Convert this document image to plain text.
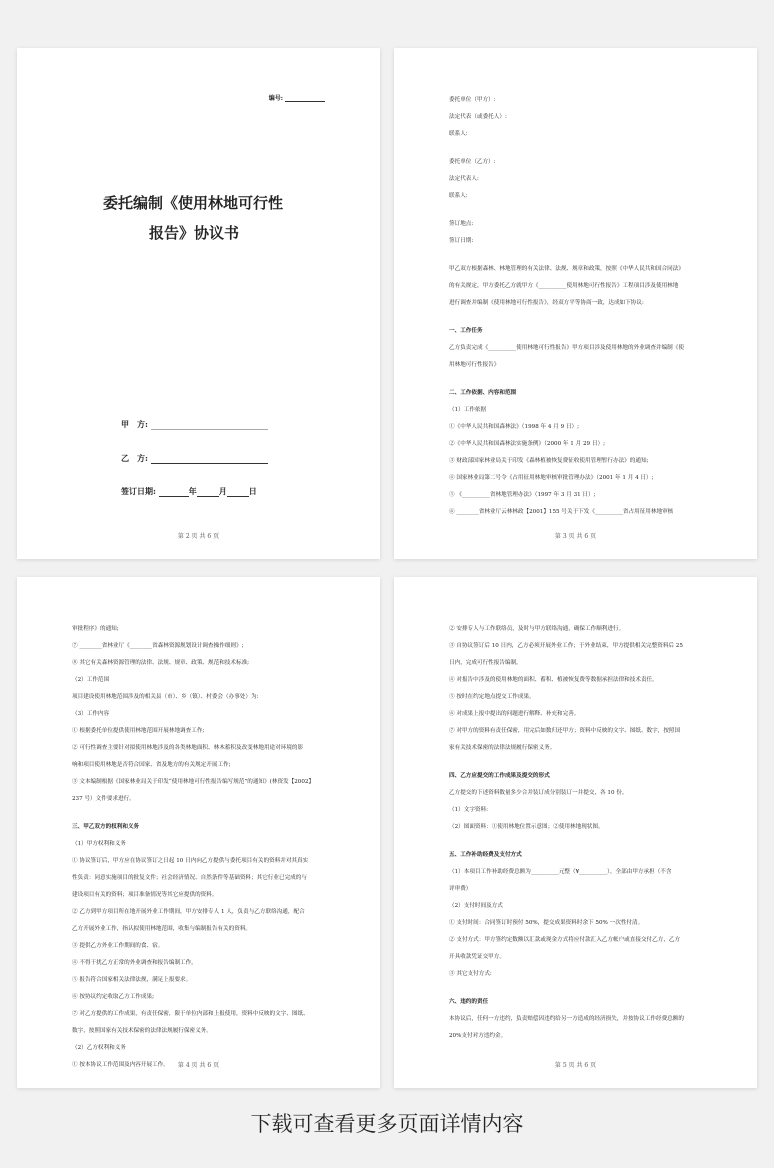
编号:
委托编制《使用林地可行性
报告》协议书
甲　方:
乙　方:
签订日期:	年	月	日
第 2 页 共 6 页
委托单位（甲方）:
法定代表（或委托人）:
联系人:
委托单位（乙方）:
法定代表人:
联系人:
签订地点:
签订日期:
甲乙双方根据森林、林地管理的有关法律、法规、规章和政策，按照《中华人民共和国合同法》
的有关规定，甲方委托乙方就甲方《__________使用林地可行性报告》工程项目涉及使用林地
进行调查并编制《使用林地可行性报告》，经双方平等协商一致，达成如下协议:
一、工作任务
乙方负责完成《__________使用林地可行性报告》甲方项目涉及使用林地的外业调查并编制《使
用林地可行性报告》
二、工作依据、内容和范围
（1）工作依据
①《中华人民共和国森林法》（1998 年 4 月 9 日）;
②《中华人民共和国森林法实施条例》（2000 年 1 月 29 日）;
③ 财政部国家林业局关于印发《森林植被恢复费征收使用管理暂行办法》的通知;
④ 国家林业局第二号令《占用征用林地审核审批管理办法》（2001 年 1 月 4 日）;
⑤ 《__________省林地管理办法》（1997 年 3 月 31 日）;
⑥ ________省林业厅云林林政【2001】155 号关于下发《__________省占用征用林地审核
第 3 页 共 6 页
审批程序》的通知;
⑦ ________省林业厅《________省森林资源规划设计调查操作细则》;
⑧ 其它有关森林资源管理的法律、法规、规章、政策、规范和技术标准;
（2）工作范围
项目建设使用林地范围涉及的相关县（市）、乡（镇）、村委会（办事处）为:
（3）工作内容
① 根据委托单位提供使用林地范围开展林地调查工作;
② 可行性调查主要针对拟使用林地涉及的各类林地面积、林木蓄积及改变林地用途对环境的影
响和项目使用林地是否符合国家、省及地方的有关规定开展工作;
③ 文本编制根据《国家林业局关于印发“使用林地可行性报告编写规范”的通知》(林资发【2002】
237 号）文件要求进行。
三、甲乙双方的权利和义务
（1）甲方权利和义务
① 协议签订后，甲方应在协议签订之日起 10 日内向乙方提供与委托项目有关的资料并对其真实
性负责：同意实施项目的批复文件；社会经济情况、自然条件等基础资料；其它行业已完成的与
建设项目有关的资料；项目准备情况等其它应提供的资料。
② 乙方到甲方项目所在地开展外业工作期间，甲方安排专人 1 人，负责与乙方联络沟通，配合
乙方开展外业工作，指认拟使用林地范围，收集与编制报告有关的资料。
③ 提供乙方外业工作期间的食、宿。
④ 不得干扰乙方正常的外业调查和报告编制工作。
⑤ 报告符合国家相关法律法规，满足上报要求。
⑥ 按协议约定收取乙方工作成果;
⑦ 对乙方提供的工作成果，有责任保密，限于单位内部和上报使用，资料中反映的文字、图纸、
数字，按照国家有关技术保密的法律法规履行保密义务。
（2）乙方权利和义务
① 按本协议工作范围及内容开展工作。	第 4 页 共 6 页
② 安排专人与工作联络员，及时与甲方联络沟通，确保工作顺利进行。
③ 自协议签订后 10 日内，乙方必须开展外业工作；于外业结束，甲方提供相关完整资料后 25
日内，完成可行性报告编制。
④ 对报告中涉及的使用林地的面积、蓄积、植被恢复费等数据承担法律和技术责任。
⑤ 按时在约定地点提交工作成果。
⑥ 对成果上报中提出的问题进行解释、补充和完善。
⑦ 对甲方的资料有责任保密，用完后如数归还甲方；资料中反映的文字、图纸、数字，按照国
家有关技术保密的法律法规履行保密义务。
四、乙方应提交的工作成果及提交的形式
乙方提交的下述资料数量多少合并装订成分别装订一并提交，各 10 份。
（1）文字资料:
（2）图面资料：①使用林地位置示意图；②使用林地现状图。
五、工作补助经费及支付方式
（1）本项目工作补助经费总额为__________元整（¥__________），全部由甲方承担（不含
评审费）
（2）支付时间及方式
① 支付时间：合同签订时预付 50%，提交成果资料时余下 50% 一次性付清。
② 支付方式：甲方签约定数额以汇款或现金方式将应付款汇入乙方帐户或直接交付乙方，乙方
开具收款凭证交甲方。
③ 其它支付方式:
六、违约的责任
本协议后，任何一方违约，负责赔偿因违约给另一方造成的经济损失，并按协议工作经费总额的
20%支付对方违约金。
第 5 页 共 6 页
下载可查看更多页面详情内容
